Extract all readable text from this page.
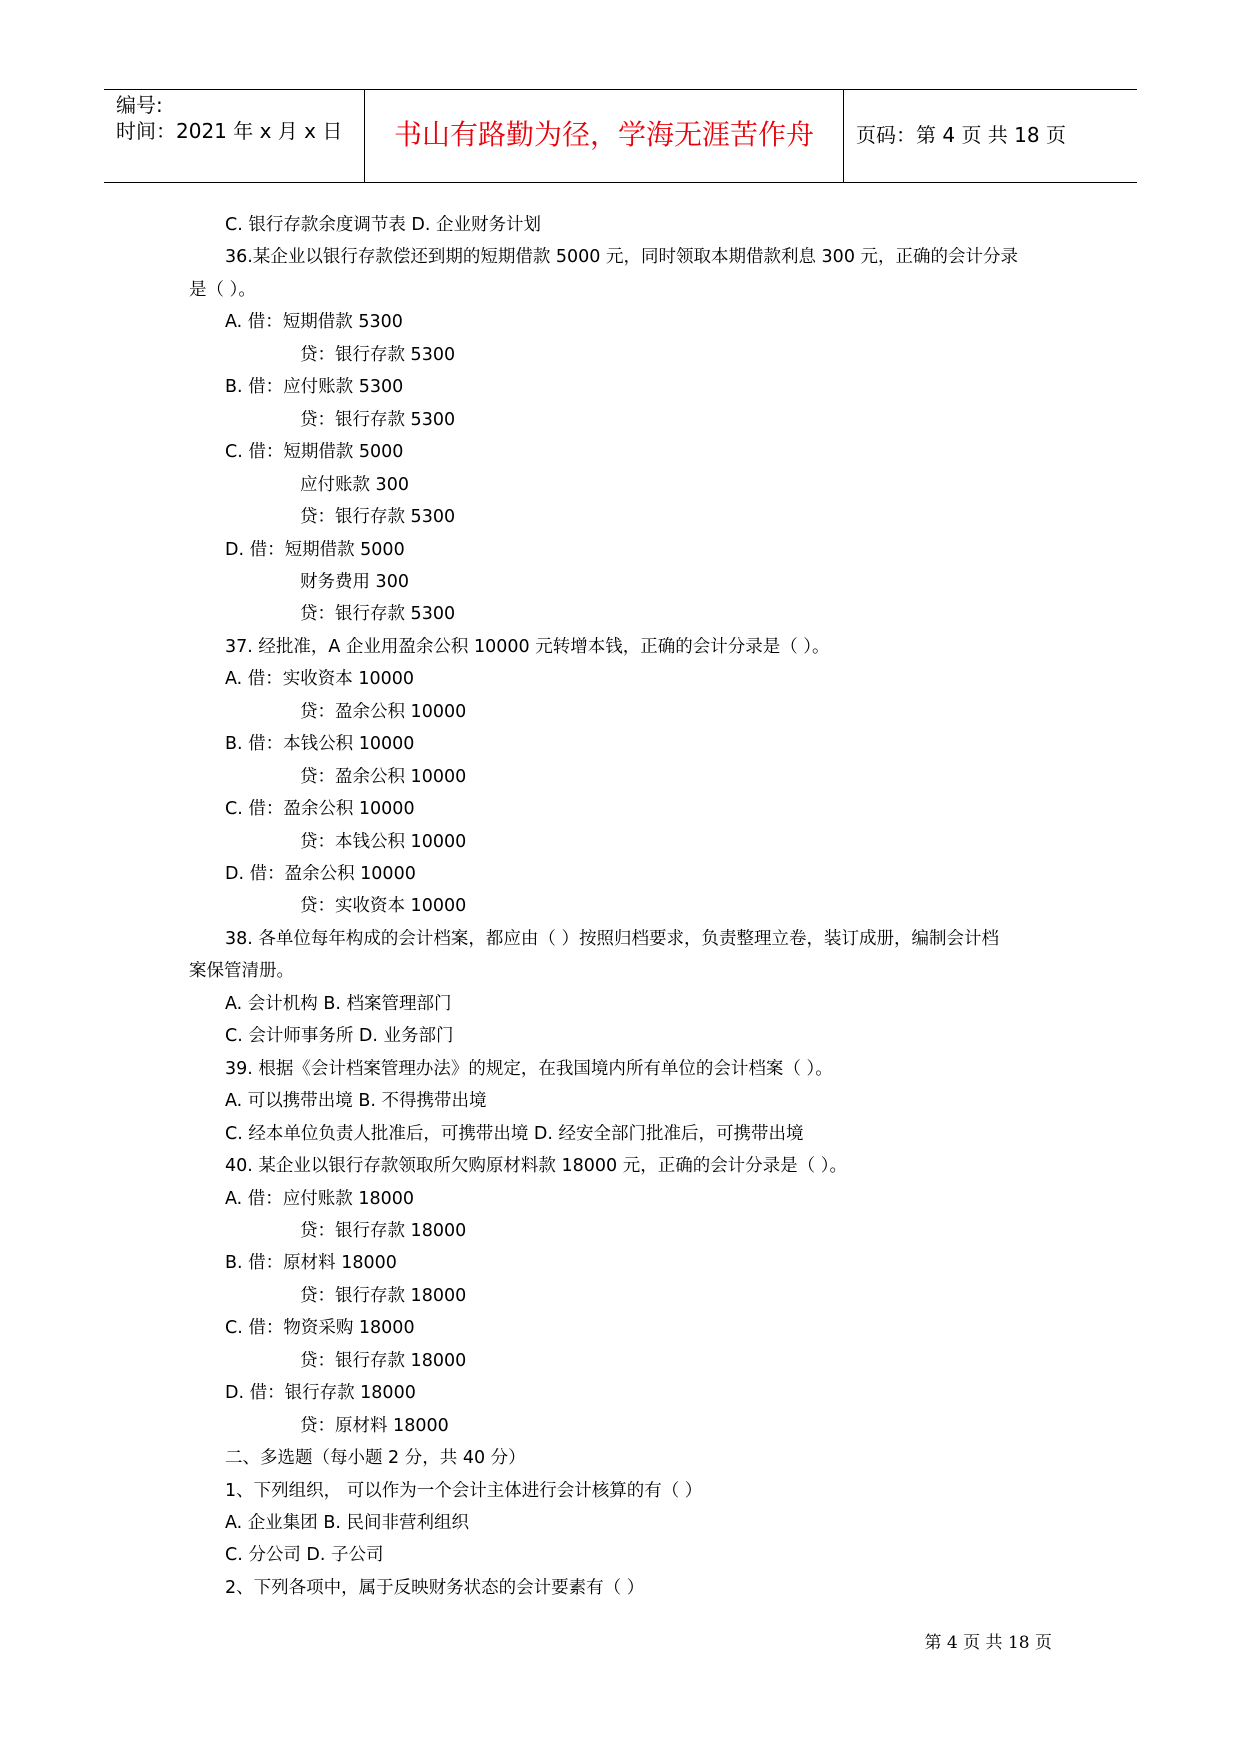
编号:
时间：2021 年 x 月 x 日	书山有路勤为径，学海无涯苦作舟	页码：第 4 页 共 18 页
C. 银行存款余度调节表 D. 企业财务计划
36.某企业以银行存款偿还到期的短期借款 5000 元，同时领取本期借款利息 300 元，正确的会计分录
是（ ）。
A. 借：短期借款 5300
贷：银行存款 5300
B. 借：应付账款 5300
贷：银行存款 5300
C. 借：短期借款 5000
应付账款 300
贷：银行存款 5300
D. 借：短期借款 5000
财务费用 300
贷：银行存款 5300
37. 经批准，A 企业用盈余公积 10000 元转增本钱，正确的会计分录是（ ）。
A. 借：实收资本 10000
贷：盈余公积 10000
B. 借：本钱公积 10000
贷：盈余公积 10000
C. 借：盈余公积 10000
贷：本钱公积 10000
D. 借：盈余公积 10000
贷：实收资本 10000
38. 各单位每年构成的会计档案，都应由（ ）按照归档要求，负责整理立卷，装订成册，编制会计档
案保管清册。
A. 会计机构 B. 档案管理部门
C. 会计师事务所 D. 业务部门
39. 根据《会计档案管理办法》的规定，在我国境内所有单位的会计档案（ ）。
A. 可以携带出境 B. 不得携带出境
C. 经本单位负责人批准后，可携带出境 D. 经安全部门批准后，可携带出境
40. 某企业以银行存款领取所欠购原材料款 18000 元，正确的会计分录是（ ）。
A. 借：应付账款 18000
贷：银行存款 18000
B. 借：原材料 18000
贷：银行存款 18000
C. 借：物资采购 18000
贷：银行存款 18000
D. 借：银行存款 18000
贷：原材料 18000
二、多选题（每小题 2 分，共 40 分）
1、下列组织， 可以作为一个会计主体进行会计核算的有（ ）
A. 企业集团 B. 民间非营利组织
C. 分公司 D. 子公司
2、下列各项中，属于反映财务状态的会计要素有（ ）
第 4 页 共 18 页
